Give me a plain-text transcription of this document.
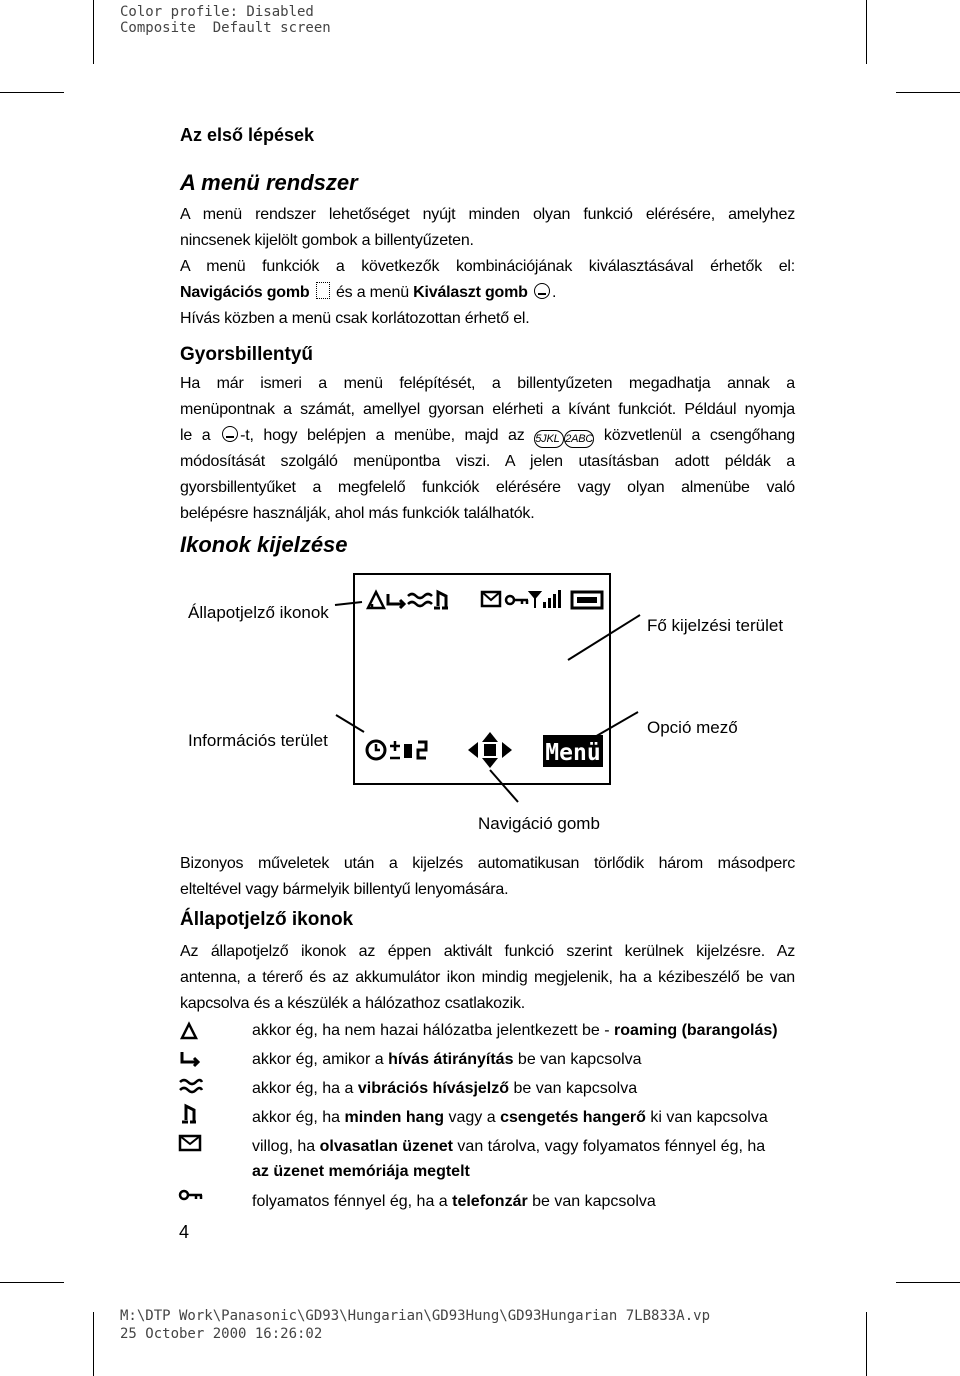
Color profile: Disabled
Composite  Default screen
Az első lépések
A menü rendszer
A menü rendszer lehetőséget nyújt minden olyan funkció elérésére, amelyhez
nincsenek kijelölt gombok a billentyűzeten.
A menü funkciók a következők kombinációjának kiválasztásával érhetők el:
Navigációs gomb és a menü Kiválaszt gomb .
Hívás közben a menü csak korlátozottan érhető el.
Gyorsbillentyű
Ha már ismeri a menü felépítését, a billentyűzeten megadhatja annak a
menüpontnak a számát, amellyel gyorsan elérheti a kívánt funkciót. Például nyomja
le a -t, hogy belépjen a menübe, majd az 5JKL 2ABC közvetlenül a csengőhang
módosítását szolgáló menüpontba viszi. A jelen utasításban adott példák a
gyorsbillentyűket a megfelelő funkciók elérésére vagy olyan almenübe való
belépésre használják, ahol más funkciók találhatók.
Ikonok kijelzése
Állapotjelző ikonok
Fő kijelzési terület
Információs terület
Opció mező
Navigáció gomb
Menü
Bizonyos műveletek után a kijelzés automatikusan törlődik három másodperc
elteltével vagy bármelyik billentyű lenyomására.
Állapotjelző ikonok
Az állapotjelző ikonok az éppen aktivált funkció szerint kerülnek kijelzésre. Az
antenna, a térerő és az akkumulátor ikon mindig megjelenik, ha a kézibeszélő be van
kapcsolva és a készülék a hálózathoz csatlakozik.
akkor ég, ha nem hazai hálózatba jelentkezett be - roaming (barangolás)
akkor ég, amikor a hívás átirányítás be van kapcsolva
akkor ég, ha a vibrációs hívásjelző be van kapcsolva
akkor ég, ha minden hang vagy a csengetés hangerő ki van kapcsolva
villog, ha olvasatlan üzenet van tárolva, vagy folyamatos fénnyel ég, ha
az üzenet memóriája megtelt
folyamatos fénnyel ég, ha a telefonzár be van kapcsolva
4
M:\DTP Work\Panasonic\GD93\Hungarian\GD93Hung\GD93Hungarian 7LB833A.vp
25 October 2000 16:26:02
